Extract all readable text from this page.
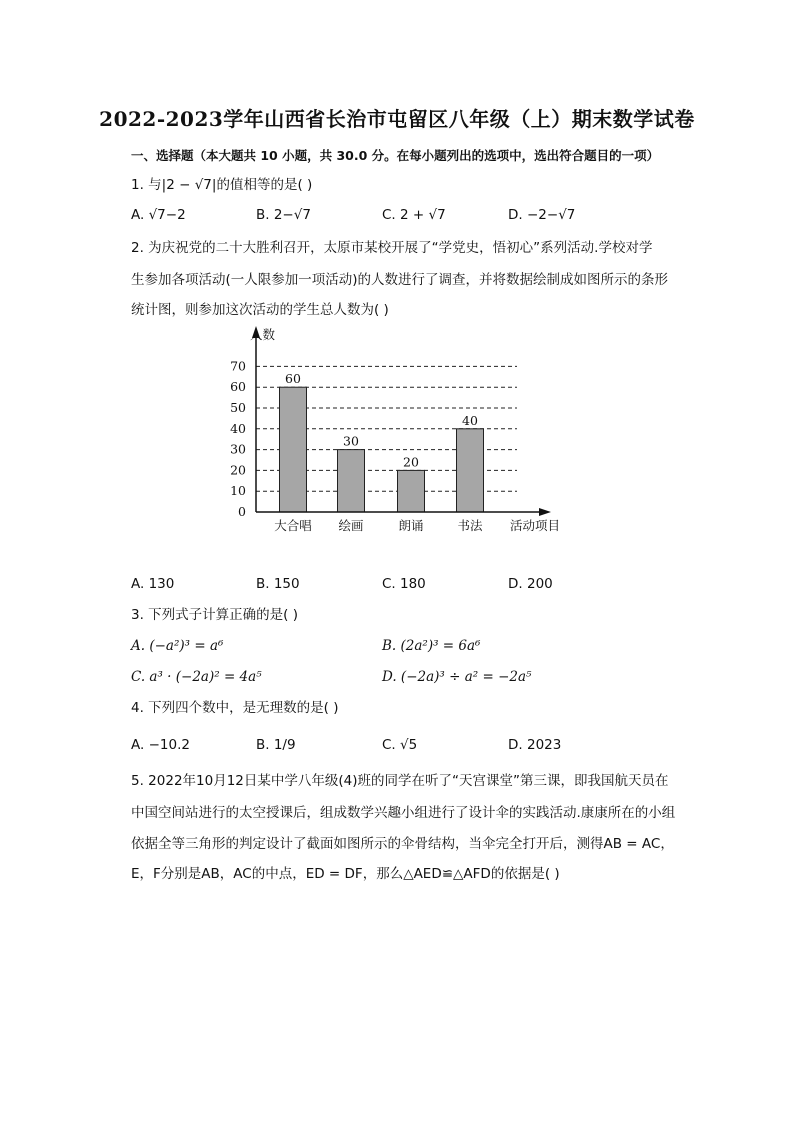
2022-2023学年山西省长治市屯留区八年级（上）期末数学试卷
一、选择题（本大题共 10 小题，共 30.0 分。在每小题列出的选项中，选出符合题目的一项）
1. 与|2 − √7|的值相等的是( )
A. √7−2	B. 2−√7	C. 2 + √7	D. −2−√7
2. 为庆祝党的二十大胜利召开，太原市某校开展了“学党史，悟初心”系列活动.学校对学
生参加各项活动(一人限参加一项活动)的人数进行了调查，并将数据绘制成如图所示的条形
统计图，则参加这次活动的学生总人数为( )
60
30
20
40
0
10
20
30
40
50
60
70
大合唱 绘画	朗诵	书法
人数
活动项目
A. 130	B. 150	C. 180	D. 200
3. 下列式子计算正确的是( )
A. (−a²)³ = a⁶	B. (2a²)³ = 6a⁶
C. a³ · (−2a)² = 4a⁵	D. (−2a)³ ÷ a² = −2a⁵
4. 下列四个数中，是无理数的是( )
A. −10.2	B. 1/9	C. √5	D. 2023
5. 2022年10月12日某中学八年级(4)班的同学在听了“天宫课堂”第三课，即我国航天员在
中国空间站进行的太空授课后，组成数学兴趣小组进行了设计伞的实践活动.康康所在的小组
依据全等三角形的判定设计了截面如图所示的伞骨结构，当伞完全打开后，测得AB = AC，
E，F分别是AB，AC的中点，ED = DF，那么△AED≌△AFD的依据是( )
